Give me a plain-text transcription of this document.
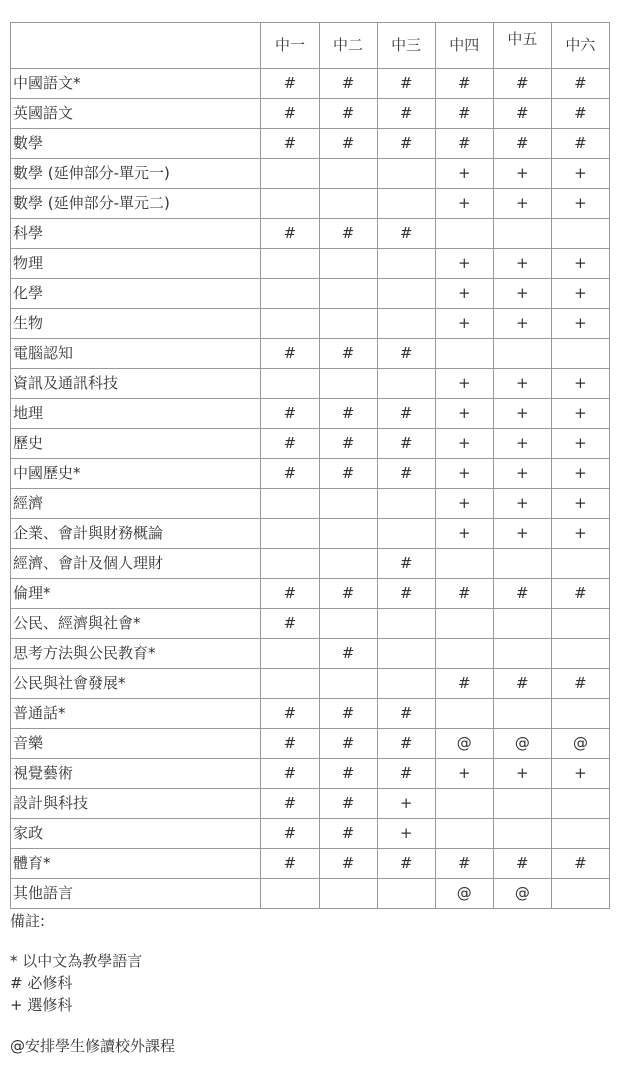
	中一	中二	中三	中四	中五	中六
中國語文*	#	#	#	#	#	#
英國語文	#	#	#	#	#	#
數學	#	#	#	#	#	#
數學 (延伸部分-單元一)				+	+	+
數學 (延伸部分-單元二)				+	+	+
科學	#	#	#			
物理				+	+	+
化學				+	+	+
生物				+	+	+
電腦認知	#	#	#			
資訊及通訊科技				+	+	+
地理	#	#	#	+	+	+
歷史	#	#	#	+	+	+
中國歷史*	#	#	#	+	+	+
經濟				+	+	+
企業、會計與財務概論				+	+	+
經濟、會計及個人理財			#			
倫理*	#	#	#	#	#	#
公民、經濟與社會*	#					
思考方法與公民教育*		#				
公民與社會發展*				#	#	#
普通話*	#	#	#			
音樂	#	#	#	@	@	@
視覺藝術	#	#	#	+	+	+
設計與科技	#	#	+			
家政	#	#	+			
體育*	#	#	#	#	#	#
其他語言				@	@	
備註:
* 以中文為教學語言
# 必修科
+ 選修科
@安排學生修讀校外課程
